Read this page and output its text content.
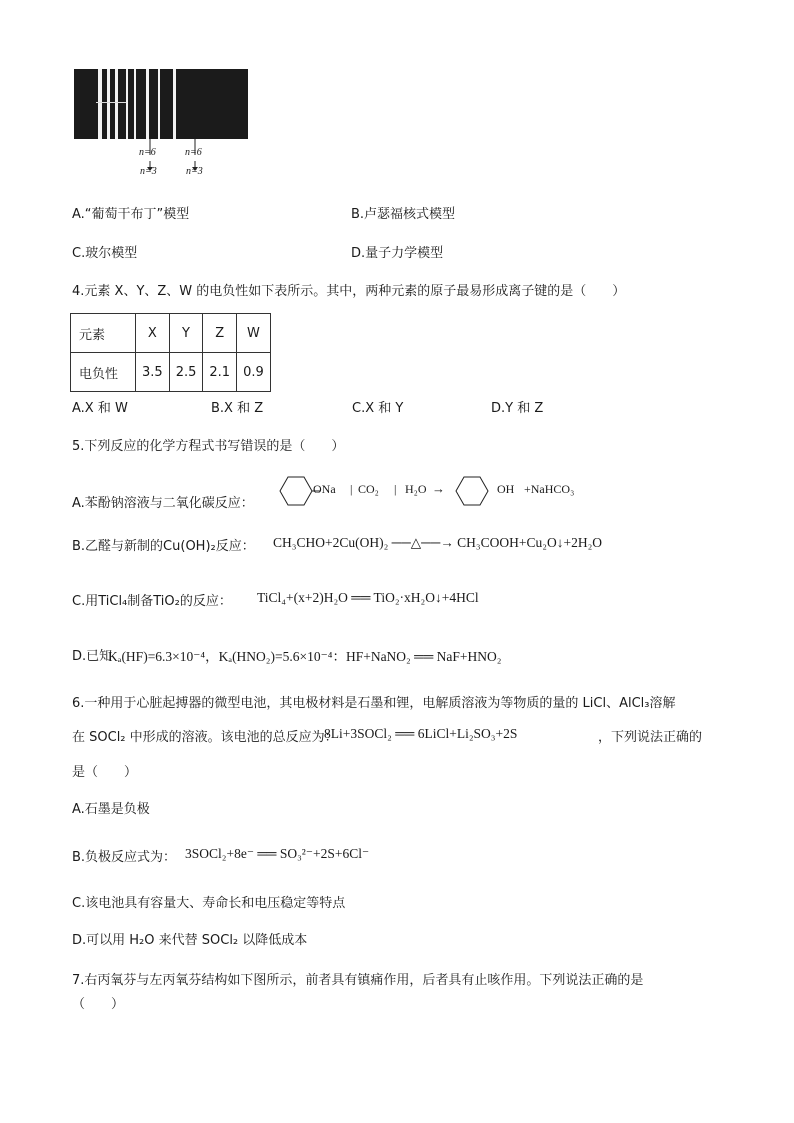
n=6
n=3
n=6
n=3
A.“葡萄干布丁”模型	B.卢瑟福核式模型
C.玻尔模型	D.量子力学模型
4.元素 X、Y、Z、W 的电负性如下表所示。其中，两种元素的原子最易形成离子键的是（　　）
元素	X	Y	Z	W
电负性	3.5	2.5	2.1	0.9
A.X 和 W	B.X 和 Z	C.X 和 Y	D.Y 和 Z
5.下列反应的化学方程式书写错误的是（　　）
A.苯酚钠溶液与二氧化碳反应：
ONa | CO₂ | H₂O →	OH +NaHCO₃
B.乙醛与新制的Cu(OH)₂反应： CH₃CHO+2Cu(OH)₂ ──△──→ CH₃COOH+Cu₂O↓+2H₂O
C.用TiCl₄制备TiO₂的反应： TiCl₄+(x+2)H₂O ══ TiO₂·xH₂O↓+4HCl
D.已知
Kₐ(HF)=6.3×10⁻⁴，Kₐ(HNO₂)=5.6×10⁻⁴：HF+NaNO₂ ══ NaF+HNO₂
6.一种用于心脏起搏器的微型电池，其电极材料是石墨和锂，电解质溶液为等物质的量的 LiCl、AlCl₃溶解
在 SOCl₂ 中形成的溶液。该电池的总反应为：
8Li+3SOCl₂ ══ 6LiCl+Li₂SO₃+2S	，下列说法正确的
是（　　）
A.石墨是负极
B.负极反应式为： 3SOCl₂+8e⁻ ══ SO₃²⁻+2S+6Cl⁻
C.该电池具有容量大、寿命长和电压稳定等特点
D.可以用 H₂O 来代替 SOCl₂ 以降低成本
7.右丙氧芬与左丙氧芬结构如下图所示，前者具有镇痛作用，后者具有止咳作用。下列说法正确的是
（　　）
